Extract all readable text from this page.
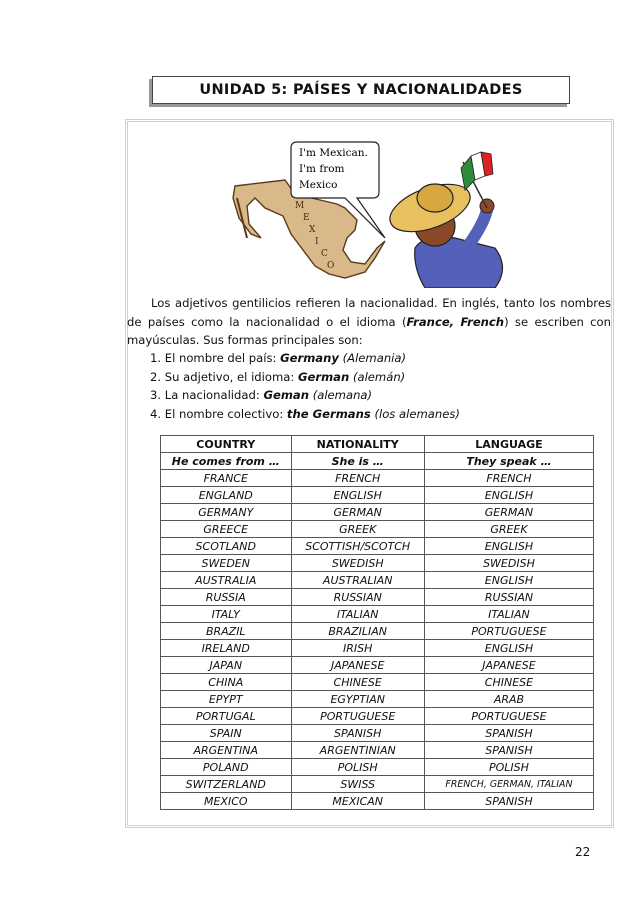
UNIDAD 5: PAÍSES Y NACIONALIDADES
M
E
X
I
C
O
I'm Mexican.
I'm from
Mexico

Los adjetivos gentilicios refieren la nacionalidad. En inglés, tanto los nombres de países como la nacionalidad o el idioma (France, French) se escriben con mayúsculas. Sus formas principales son:

1. El nombre del país: Germany (Alemania)
2. Su adjetivo, el idioma: German (alemán)
3. La nacionalidad: Geman (alemana)
4. El nombre colectivo: the Germans (los alemanes)
COUNTRY	NATIONALITY	LANGUAGE
He comes from …	She is …	They speak …
FRANCE	FRENCH	FRENCH
ENGLAND	ENGLISH	ENGLISH
GERMANY	GERMAN	GERMAN
GREECE	GREEK	GREEK
SCOTLAND	SCOTTISH/SCOTCH	ENGLISH
SWEDEN	SWEDISH	SWEDISH
AUSTRALIA	AUSTRALIAN	ENGLISH
RUSSIA	RUSSIAN	RUSSIAN
ITALY	ITALIAN	ITALIAN
BRAZIL	BRAZILIAN	PORTUGUESE
IRELAND	IRISH	ENGLISH
JAPAN	JAPANESE	JAPANESE
CHINA	CHINESE	CHINESE
EPYPT	EGYPTIAN	ARAB
PORTUGAL	PORTUGUESE	PORTUGUESE
SPAIN	SPANISH	SPANISH
ARGENTINA	ARGENTINIAN	SPANISH
POLAND	POLISH	POLISH
SWITZERLAND	SWISS	FRENCH, GERMAN, ITALIAN
MEXICO	MEXICAN	SPANISH
22
